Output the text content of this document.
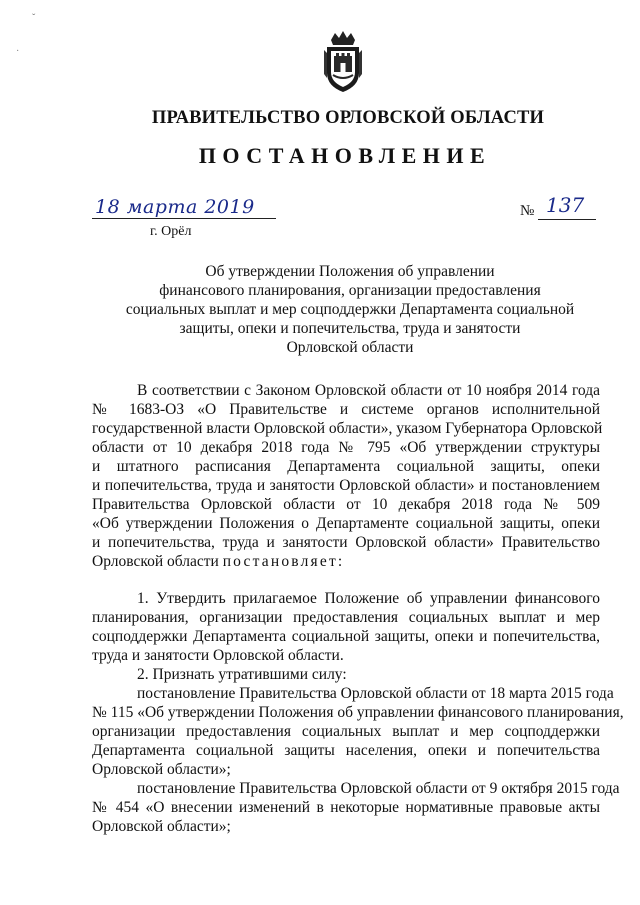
ˇ
·
ПРАВИТЕЛЬСТВО ОРЛОВСКОЙ ОБЛАСТИ
ПОСТАНОВЛЕНИЕ
18 марта 2019
г. Орёл
№ 137
Об утверждении Положения об управлении
финансового планирования, организации предоставления
социальных выплат и мер соцподдержки Департамента социальной
защиты, опеки и попечительства, труда и занятости
Орловской области
В соответствии с Законом Орловской области от 10 ноября 2014 года
№ 1683-ОЗ «О Правительстве и системе органов исполнительной
государственной власти Орловской области», указом Губернатора Орловской
области от 10 декабря 2018 года № 795 «Об утверждении структуры
и штатного расписания Департамента социальной защиты, опеки
и попечительства, труда и занятости Орловской области» и постановлением
Правительства Орловской области от 10 декабря 2018 года № 509
«Об утверждении Положения о Департаменте социальной защиты, опеки
и попечительства, труда и занятости Орловской области» Правительство
Орловской области постановляет:
1. Утвердить прилагаемое Положение об управлении финансового
планирования, организации предоставления социальных выплат и мер
соцподдержки Департамента социальной защиты, опеки и попечительства,
труда и занятости Орловской области.
2. Признать утратившими силу:
постановление Правительства Орловской области от 18 марта 2015 года
№ 115 «Об утверждении Положения об управлении финансового планирования,
организации предоставления социальных выплат и мер соцподдержки
Департамента социальной защиты населения, опеки и попечительства
Орловской области»;
постановление Правительства Орловской области от 9 октября 2015 года
№ 454 «О внесении изменений в некоторые нормативные правовые акты
Орловской области»;
